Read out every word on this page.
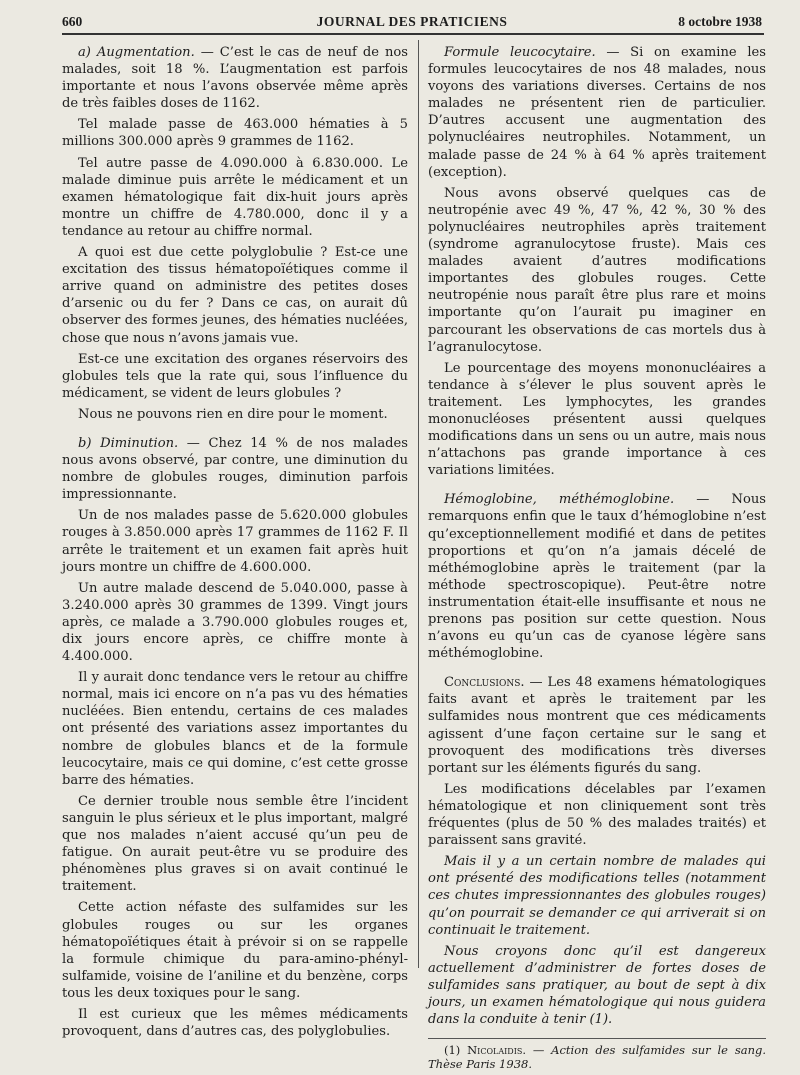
660	JOURNAL DES PRATICIENS	8 octobre 1938

a) Augmentation. — C’est le cas de neuf de nos malades, soit 18 %. L’augmentation est parfois importante et nous l’avons observée même après de très faibles doses de 1162.

Tel malade passe de 463.000 hématies à 5 millions 300.000 après 9 grammes de 1162.

Tel autre passe de 4.090.000 à 6.830.000. Le malade diminue puis arrête le médicament et un examen hématologique fait dix-huit jours après montre un chiffre de 4.780.000, donc il y a tendance au retour au chiffre normal.

A quoi est due cette polyglobulie ? Est-ce une excitation des tissus hématopoïétiques comme il arrive quand on administre des petites doses d’arsenic ou du fer ? Dans ce cas, on aurait dû observer des formes jeunes, des hématies nucléées, chose que nous n’avons jamais vue.

Est-ce une excitation des organes réservoirs des globules tels que la rate qui, sous l’influence du médicament, se vident de leurs globules ?

Nous ne pouvons rien en dire pour le moment.

b) Diminution. — Chez 14 % de nos malades nous avons observé, par contre, une diminution du nombre de globules rouges, diminution parfois impressionnante.

Un de nos malades passe de 5.620.000 globules rouges à 3.850.000 après 17 grammes de 1162 F. Il arrête le traitement et un examen fait après huit jours montre un chiffre de 4.600.000.

Un autre malade descend de 5.040.000, passe à 3.240.000 après 30 grammes de 1399. Vingt jours après, ce malade a 3.790.000 globules rouges et, dix jours encore après, ce chiffre monte à 4.400.000.

Il y aurait donc tendance vers le retour au chiffre normal, mais ici encore on n’a pas vu des hématies nucléées. Bien entendu, certains de ces malades ont présenté des variations assez importantes du nombre de globules blancs et de la formule leucocytaire, mais ce qui domine, c’est cette grosse barre des hématies.

Ce dernier trouble nous semble être l’incident sanguin le plus sérieux et le plus important, malgré que nos malades n’aient accusé qu’un peu de fatigue. On aurait peut-être vu se produire des phénomènes plus graves si on avait continué le traitement.

Cette action néfaste des sulfamides sur les globules rouges ou sur les organes hématopoïétiques était à prévoir si on se rappelle la formule chimique du para-amino-phényl-sulfamide, voisine de l’aniline et du benzène, corps tous les deux toxiques pour le sang.

Il est curieux que les mêmes médicaments provoquent, dans d’autres cas, des polyglobulies.

Formule leucocytaire. — Si on examine les formules leucocytaires de nos 48 malades, nous voyons des variations diverses. Certains de nos malades ne présentent rien de particulier. D’autres accusent une augmentation des polynucléaires neutrophiles. Notamment, un malade passe de 24 % à 64 % après traitement (exception).

Nous avons observé quelques cas de neutropénie avec 49 %, 47 %, 42 %, 30 % des polynucléaires neutrophiles après traitement (syndrome agranulocytose fruste). Mais ces malades avaient d’autres modifications importantes des globules rouges. Cette neutropénie nous paraît être plus rare et moins importante qu’on l’aurait pu imaginer en parcourant les observations de cas mortels dus à l’agranulocytose.

Le pourcentage des moyens mononucléaires a tendance à s’élever le plus souvent après le traitement. Les lymphocytes, les grandes mononucléoses présentent aussi quelques modifications dans un sens ou un autre, mais nous n’attachons pas grande importance à ces variations limitées.

Hémoglobine, méthémoglobine. — Nous remarquons enfin que le taux d’hémoglobine n’est qu’exceptionnellement modifié et dans de petites proportions et qu’on n’a jamais décelé de méthémoglobine après le traitement (par la méthode spectroscopique). Peut-être notre instrumentation était-elle insuffisante et nous ne prenons pas position sur cette question. Nous n’avons eu qu’un cas de cyanose légère sans méthémoglobine.

Conclusions. — Les 48 examens hématologiques faits avant et après le traitement par les sulfamides nous montrent que ces médicaments agissent d’une façon certaine sur le sang et provoquent des modifications très diverses portant sur les éléments figurés du sang.

Les modifications décelables par l’examen hématologique et non cliniquement sont très fréquentes (plus de 50 % des malades traités) et paraissent sans gravité.

Mais il y a un certain nombre de malades qui ont présenté des modifications telles (notamment ces chutes impressionnantes des globules rouges) qu’on pourrait se demander ce qui arriverait si on continuait le traitement.

Nous croyons donc qu’il est dangereux actuellement d’administrer de fortes doses de sulfamides sans pratiquer, au bout de sept à dix jours, un examen hématologique qui nous guidera dans la conduite à tenir (1).

(1) Nicolaidis. — Action des sulfamides sur le sang. Thèse Paris 1938.
